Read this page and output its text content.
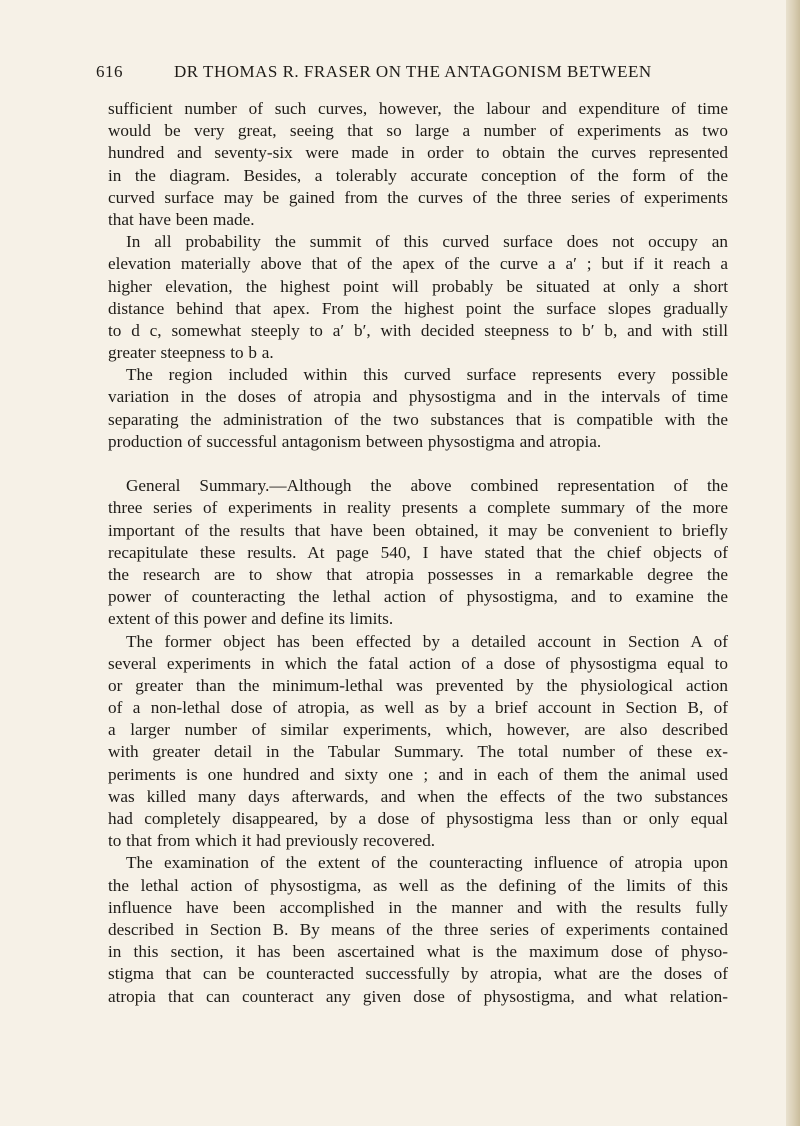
616	DR THOMAS R. FRASER ON THE ANTAGONISM BETWEEN
sufficient number of such curves, however, the labour and expenditure of time
would be very great, seeing that so large a number of experiments as two
hundred and seventy-six were made in order to obtain the curves represented
in the diagram. Besides, a tolerably accurate conception of the form of the
curved surface may be gained from the curves of the three series of experiments
that have been made.
In all probability the summit of this curved surface does not occupy an
elevation materially above that of the apex of the curve a a′ ; but if it reach a
higher elevation, the highest point will probably be situated at only a short
distance behind that apex. From the highest point the surface slopes gradually
to d c, somewhat steeply to a′ b′, with decided steepness to b′ b, and with still
greater steepness to b a.
The region included within this curved surface represents every possible
variation in the doses of atropia and physostigma and in the intervals of time
separating the administration of the two substances that is compatible with the
production of successful antagonism between physostigma and atropia.
General Summary.—Although the above combined representation of the
three series of experiments in reality presents a complete summary of the more
important of the results that have been obtained, it may be convenient to briefly
recapitulate these results. At page 540, I have stated that the chief objects of
the research are to show that atropia possesses in a remarkable degree the
power of counteracting the lethal action of physostigma, and to examine the
extent of this power and define its limits.
The former object has been effected by a detailed account in Section A of
several experiments in which the fatal action of a dose of physostigma equal to
or greater than the minimum-lethal was prevented by the physiological action
of a non-lethal dose of atropia, as well as by a brief account in Section B, of
a larger number of similar experiments, which, however, are also described
with greater detail in the Tabular Summary. The total number of these ex-
periments is one hundred and sixty one ; and in each of them the animal used
was killed many days afterwards, and when the effects of the two substances
had completely disappeared, by a dose of physostigma less than or only equal
to that from which it had previously recovered.
The examination of the extent of the counteracting influence of atropia upon
the lethal action of physostigma, as well as the defining of the limits of this
influence have been accomplished in the manner and with the results fully
described in Section B. By means of the three series of experiments contained
in this section, it has been ascertained what is the maximum dose of physo-
stigma that can be counteracted successfully by atropia, what are the doses of
atropia that can counteract any given dose of physostigma, and what relation-
